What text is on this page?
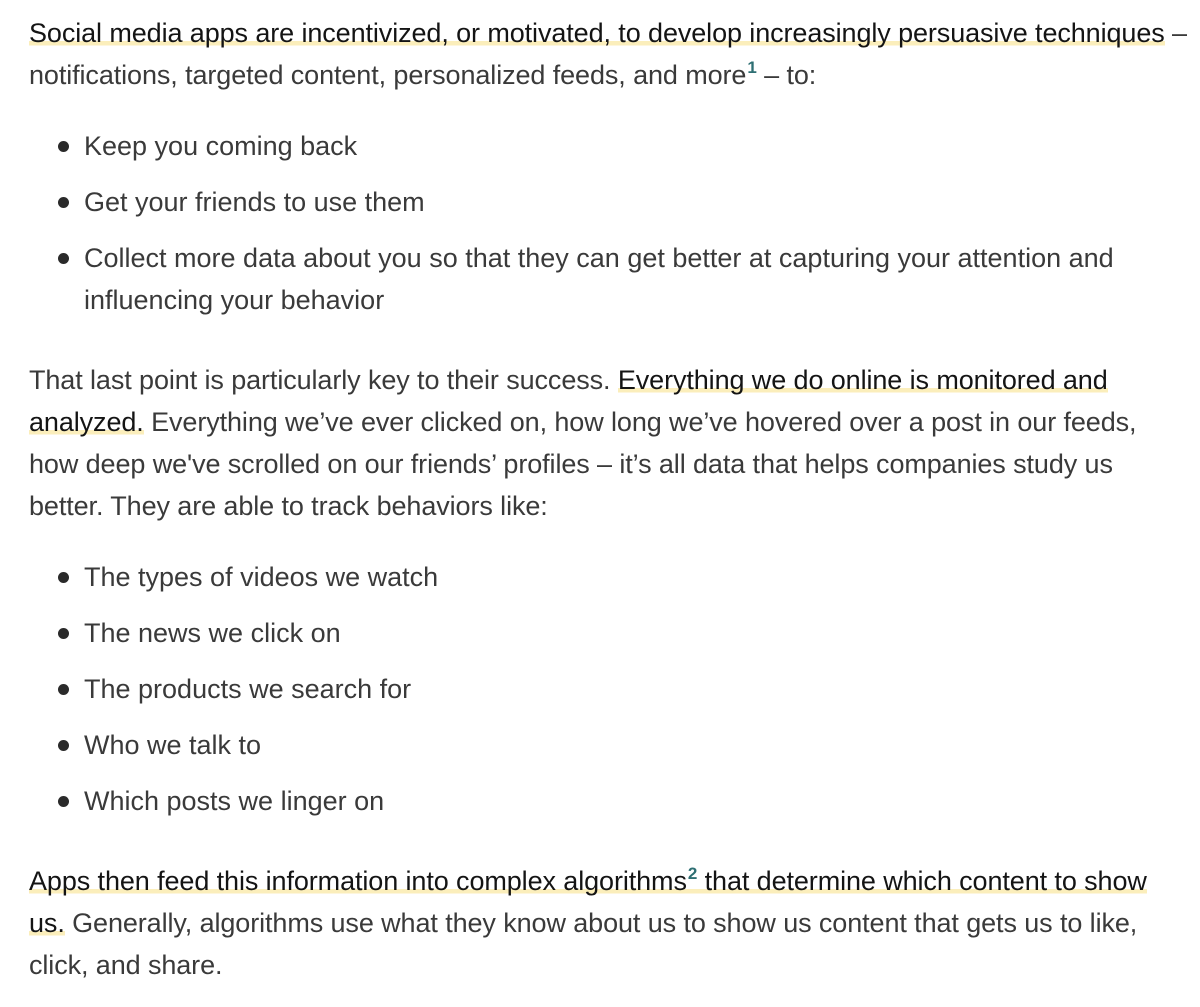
Social media apps are incentivized, or motivated, to develop increasingly persuasive techniques – notifications, targeted content, personalized feeds, and more$^1$ – to:

Keep you coming back
Get your friends to use them
Collect more data about you so that they can get better at capturing your attention and influencing your behavior

That last point is particularly key to their success. Everything we do online is monitored and analyzed. Everything we’ve ever clicked on, how long we’ve hovered over a post in our feeds, how deep we've scrolled on our friends’ profiles – it’s all data that helps companies study us better. They are able to track behaviors like:

The types of videos we watch
The news we click on
The products we search for
Who we talk to
Which posts we linger on

Apps then feed this information into complex algorithms$^2$ that determine which content to show us. Generally, algorithms use what they know about us to show us content that gets us to like, click, and share.
